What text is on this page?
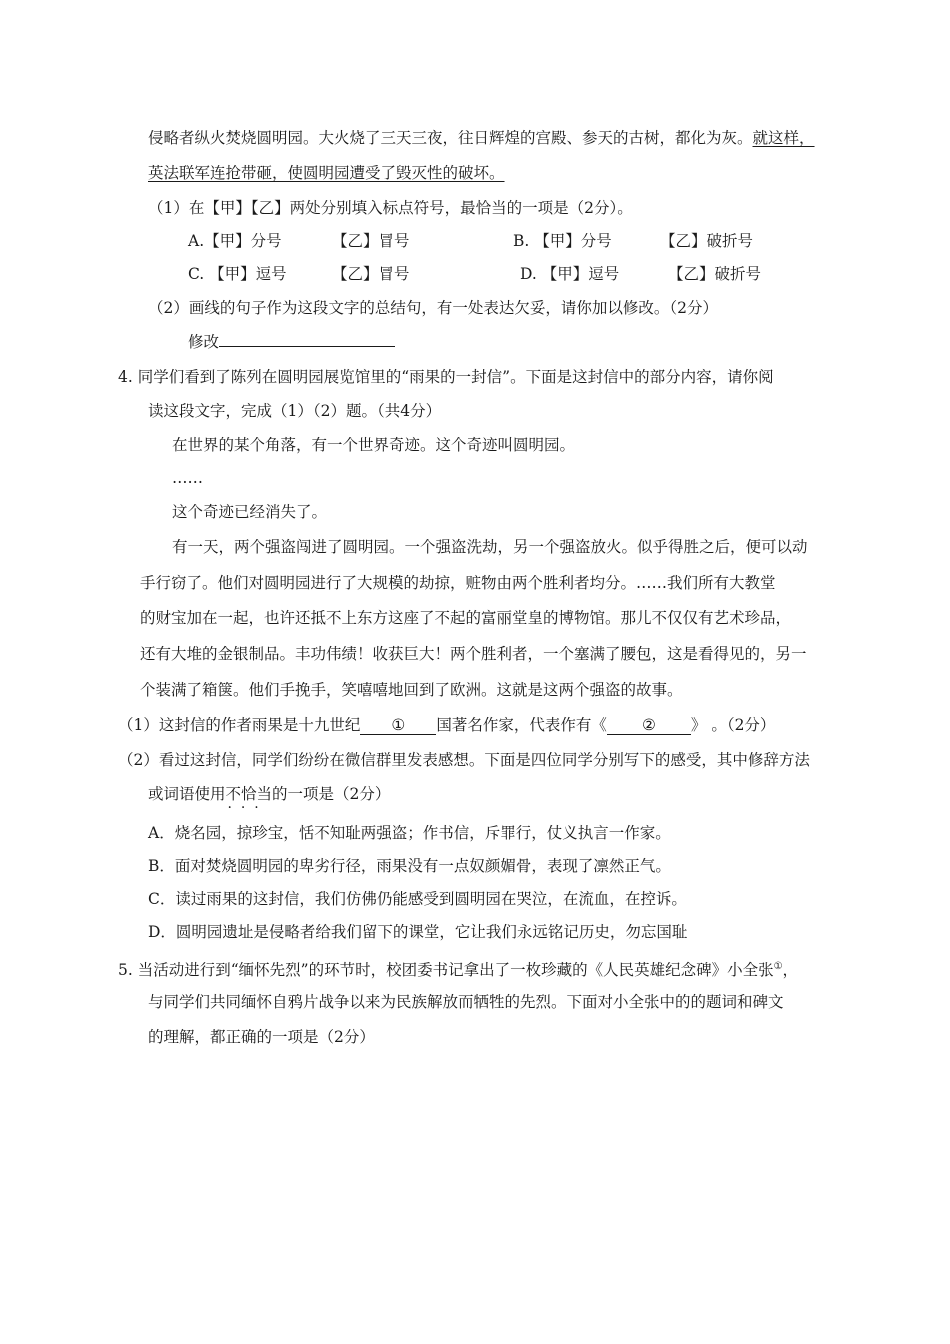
侵略者纵火焚烧圆明园。大火烧了三天三夜，往日辉煌的宫殿、参天的古树，都化为灰。就这样，
英法联军连抢带砸，使圆明园遭受了毁灭性的破坏。
（1）在【甲】【乙】两处分别填入标点符号，最恰当的一项是（2分）。
A.【甲】分号	【乙】冒号	B. 【甲】分号	【乙】破折号
C. 【甲】逗号	【乙】冒号	D. 【甲】逗号	【乙】破折号
（2）画线的句子作为这段文字的总结句，有一处表达欠妥，请你加以修改。（2分）
修改
4. 同学们看到了陈列在圆明园展览馆里的“雨果的一封信”。下面是这封信中的部分内容，请你阅
读这段文字，完成（1）（2）题。（共4分）
在世界的某个角落，有一个世界奇迹。这个奇迹叫圆明园。
……
这个奇迹已经消失了。
有一天，两个强盗闯进了圆明园。一个强盗洗劫，另一个强盗放火。似乎得胜之后，便可以动
手行窃了。他们对圆明园进行了大规模的劫掠，赃物由两个胜利者均分。……我们所有大教堂
的财宝加在一起，也许还抵不上东方这座了不起的富丽堂皇的博物馆。那儿不仅仅有艺术珍品，
还有大堆的金银制品。丰功伟绩！收获巨大！两个胜利者，一个塞满了腰包，这是看得见的，另一
个装满了箱箧。他们手挽手，笑嘻嘻地回到了欧洲。这就是这两个强盗的故事。
（1）这封信的作者雨果是十九世纪 ① 国著名作家，代表作有《 ② 》 。（2分）
（2）看过这封信，同学们纷纷在微信群里发表感想。下面是四位同学分别写下的感受，其中修辞方法
或词语使用不恰当 ·  ·  ·的一项是（2分）
A．烧名园，掠珍宝，恬不知耻两强盗；作书信，斥罪行，仗义执言一作家。
B．面对焚烧圆明园的卑劣行径，雨果没有一点奴颜媚骨，表现了凛然正气。
C．读过雨果的这封信，我们仿佛仍能感受到圆明园在哭泣，在流血，在控诉。
D．圆明园遗址是侵略者给我们留下的课堂，它让我们永远铭记历史，勿忘国耻
5. 当活动进行到“缅怀先烈”的环节时，校团委书记拿出了一枚珍藏的《人民英雄纪念碑》小全张①，
与同学们共同缅怀自鸦片战争以来为民族解放而牺牲的先烈。下面对小全张中的的题词和碑文
的理解，都正确的一项是（2分）
